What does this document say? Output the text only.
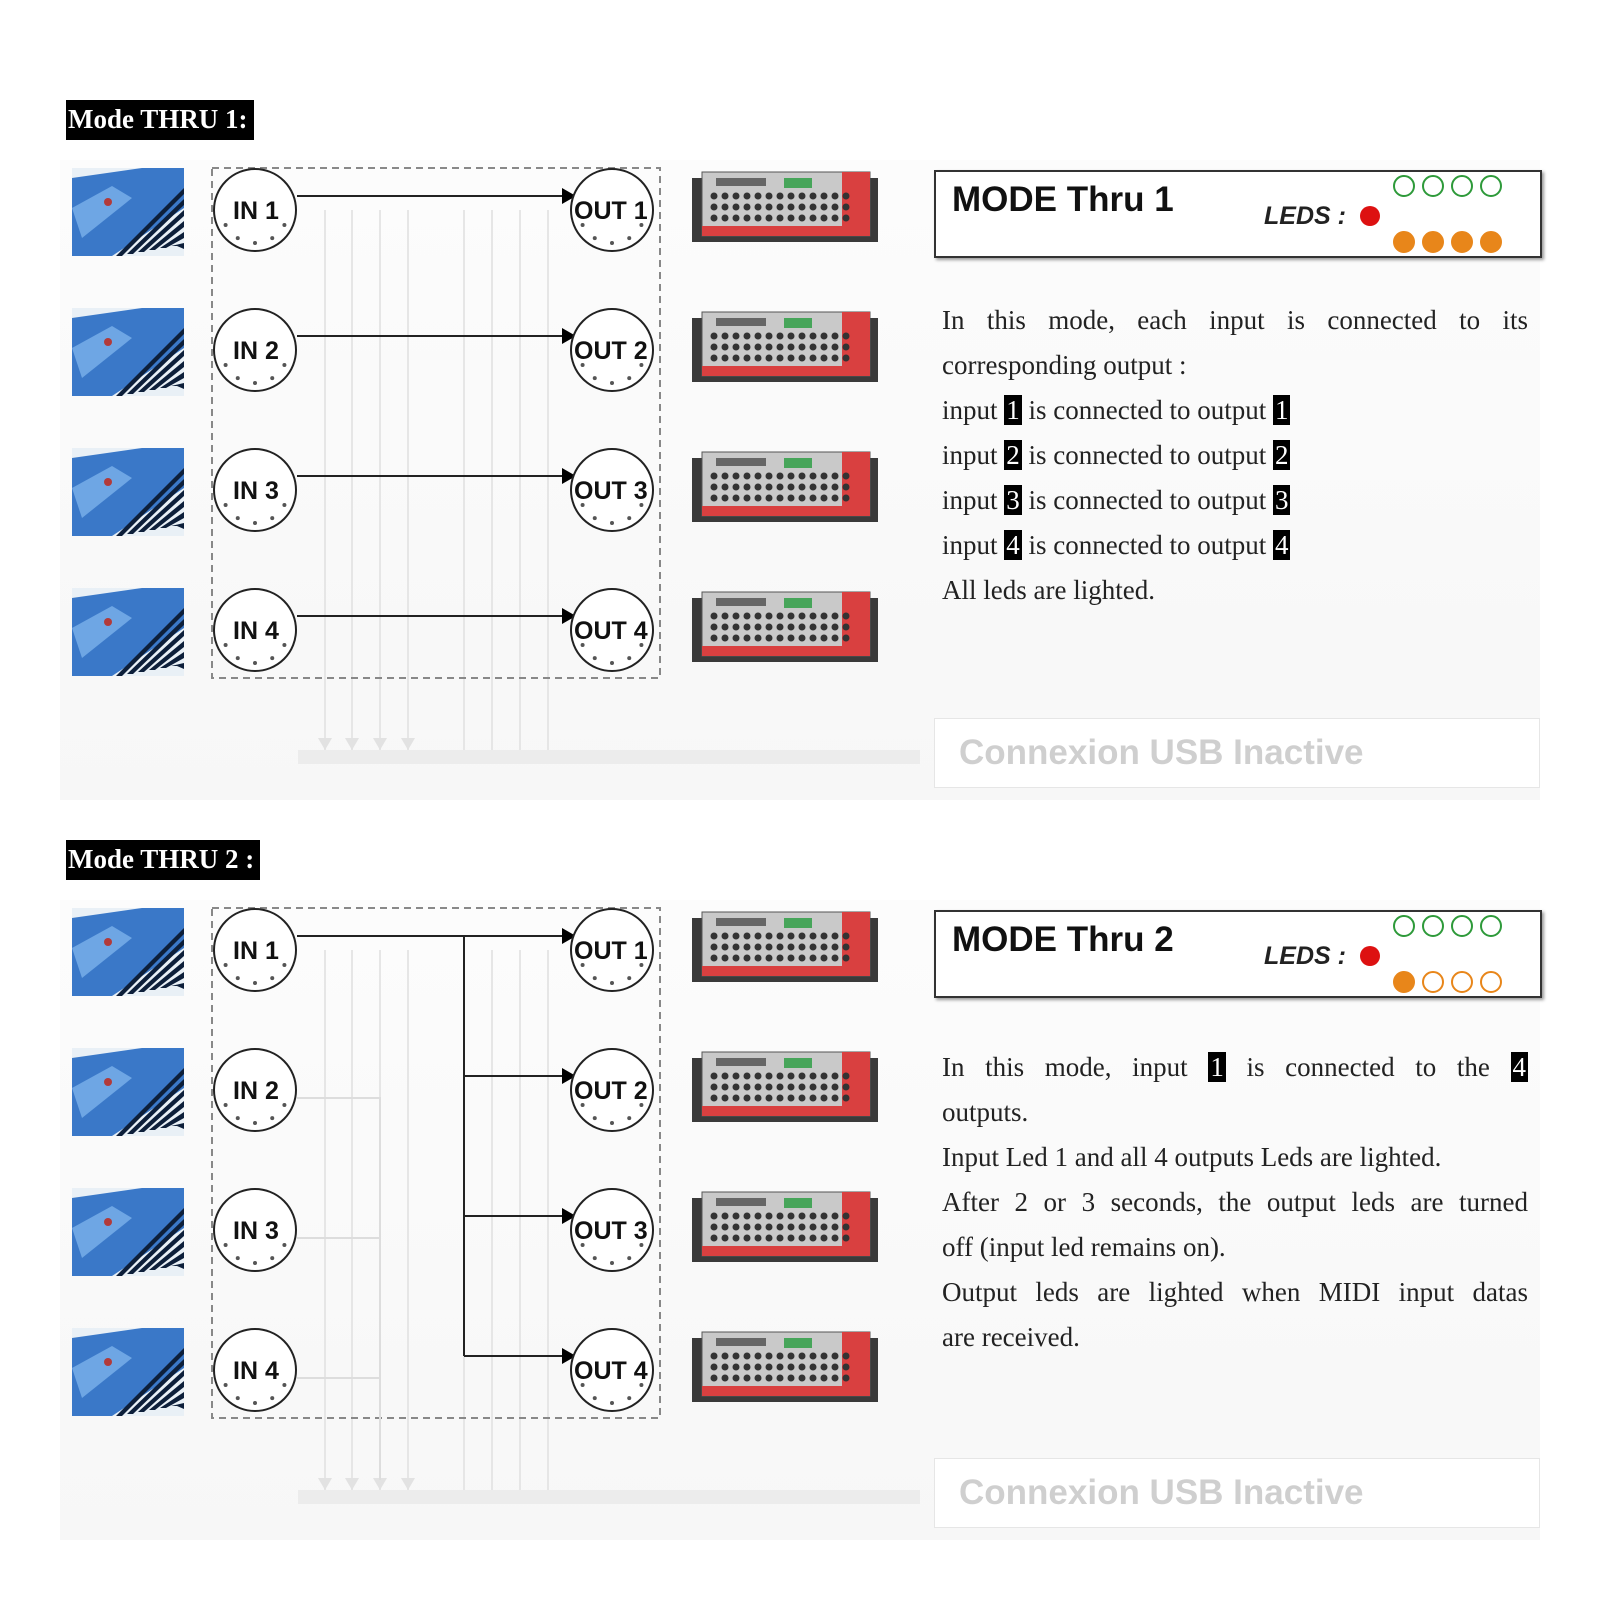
Mode THRU 1:
IN 1	OUT 1
IN 2	OUT 2
IN 3	OUT 3
IN 4	OUT 4
MODE Thru 1	LEDS :
In this mode, each input is connected to its
corresponding output :
input 1 is connected to output 1
input 2 is connected to output 2
input 3 is connected to output 3
input 4 is connected to output 4
All leds are lighted.
Connexion USB Inactive
Mode THRU 2 :
IN 1	OUT 1
IN 2	OUT 2
IN 3	OUT 3
IN 4	OUT 4
MODE Thru 2	LEDS :
In this mode, input 1 is connected to the 4
outputs.
Input Led 1 and all 4 outputs Leds are lighted.
After 2 or 3 seconds, the output leds are turned
off (input led remains on).
Output leds are lighted when MIDI input datas
are received.
Connexion USB Inactive
